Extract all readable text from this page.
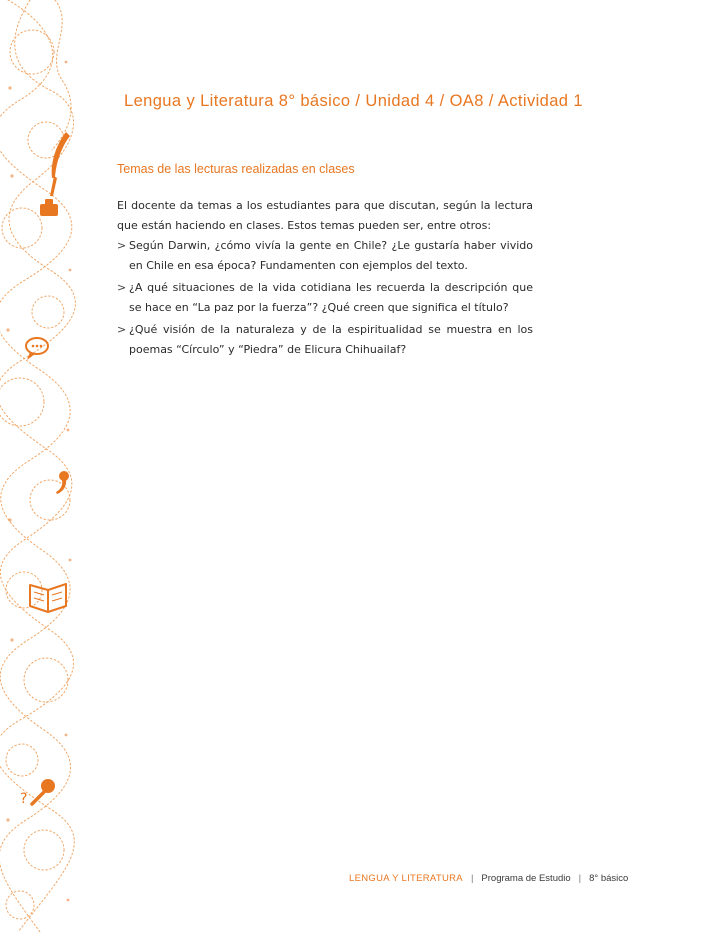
?
Lengua y Literatura 8° básico / Unidad 4 / OA8 / Actividad 1
Temas de las lecturas realizadas en clases

El docente da temas a los estudiantes para que discutan, según la lectura que están haciendo en clases. Estos temas pueden ser, entre otros:

> Según Darwin, ¿cómo vivía la gente en Chile? ¿Le gustaría haber vivido en Chile en esa época? Fundamenten con ejemplos del texto.
> ¿A qué situaciones de la vida cotidiana les recuerda la descripción que se hace en “La paz por la fuerza”? ¿Qué creen que significa el título?
> ¿Qué visión de la naturaleza y de la espiritualidad se muestra en los poemas “Círculo” y “Piedra” de Elicura Chihuailaf?
LENGUA Y LITERATURA | Programa de Estudio | 8° básico
